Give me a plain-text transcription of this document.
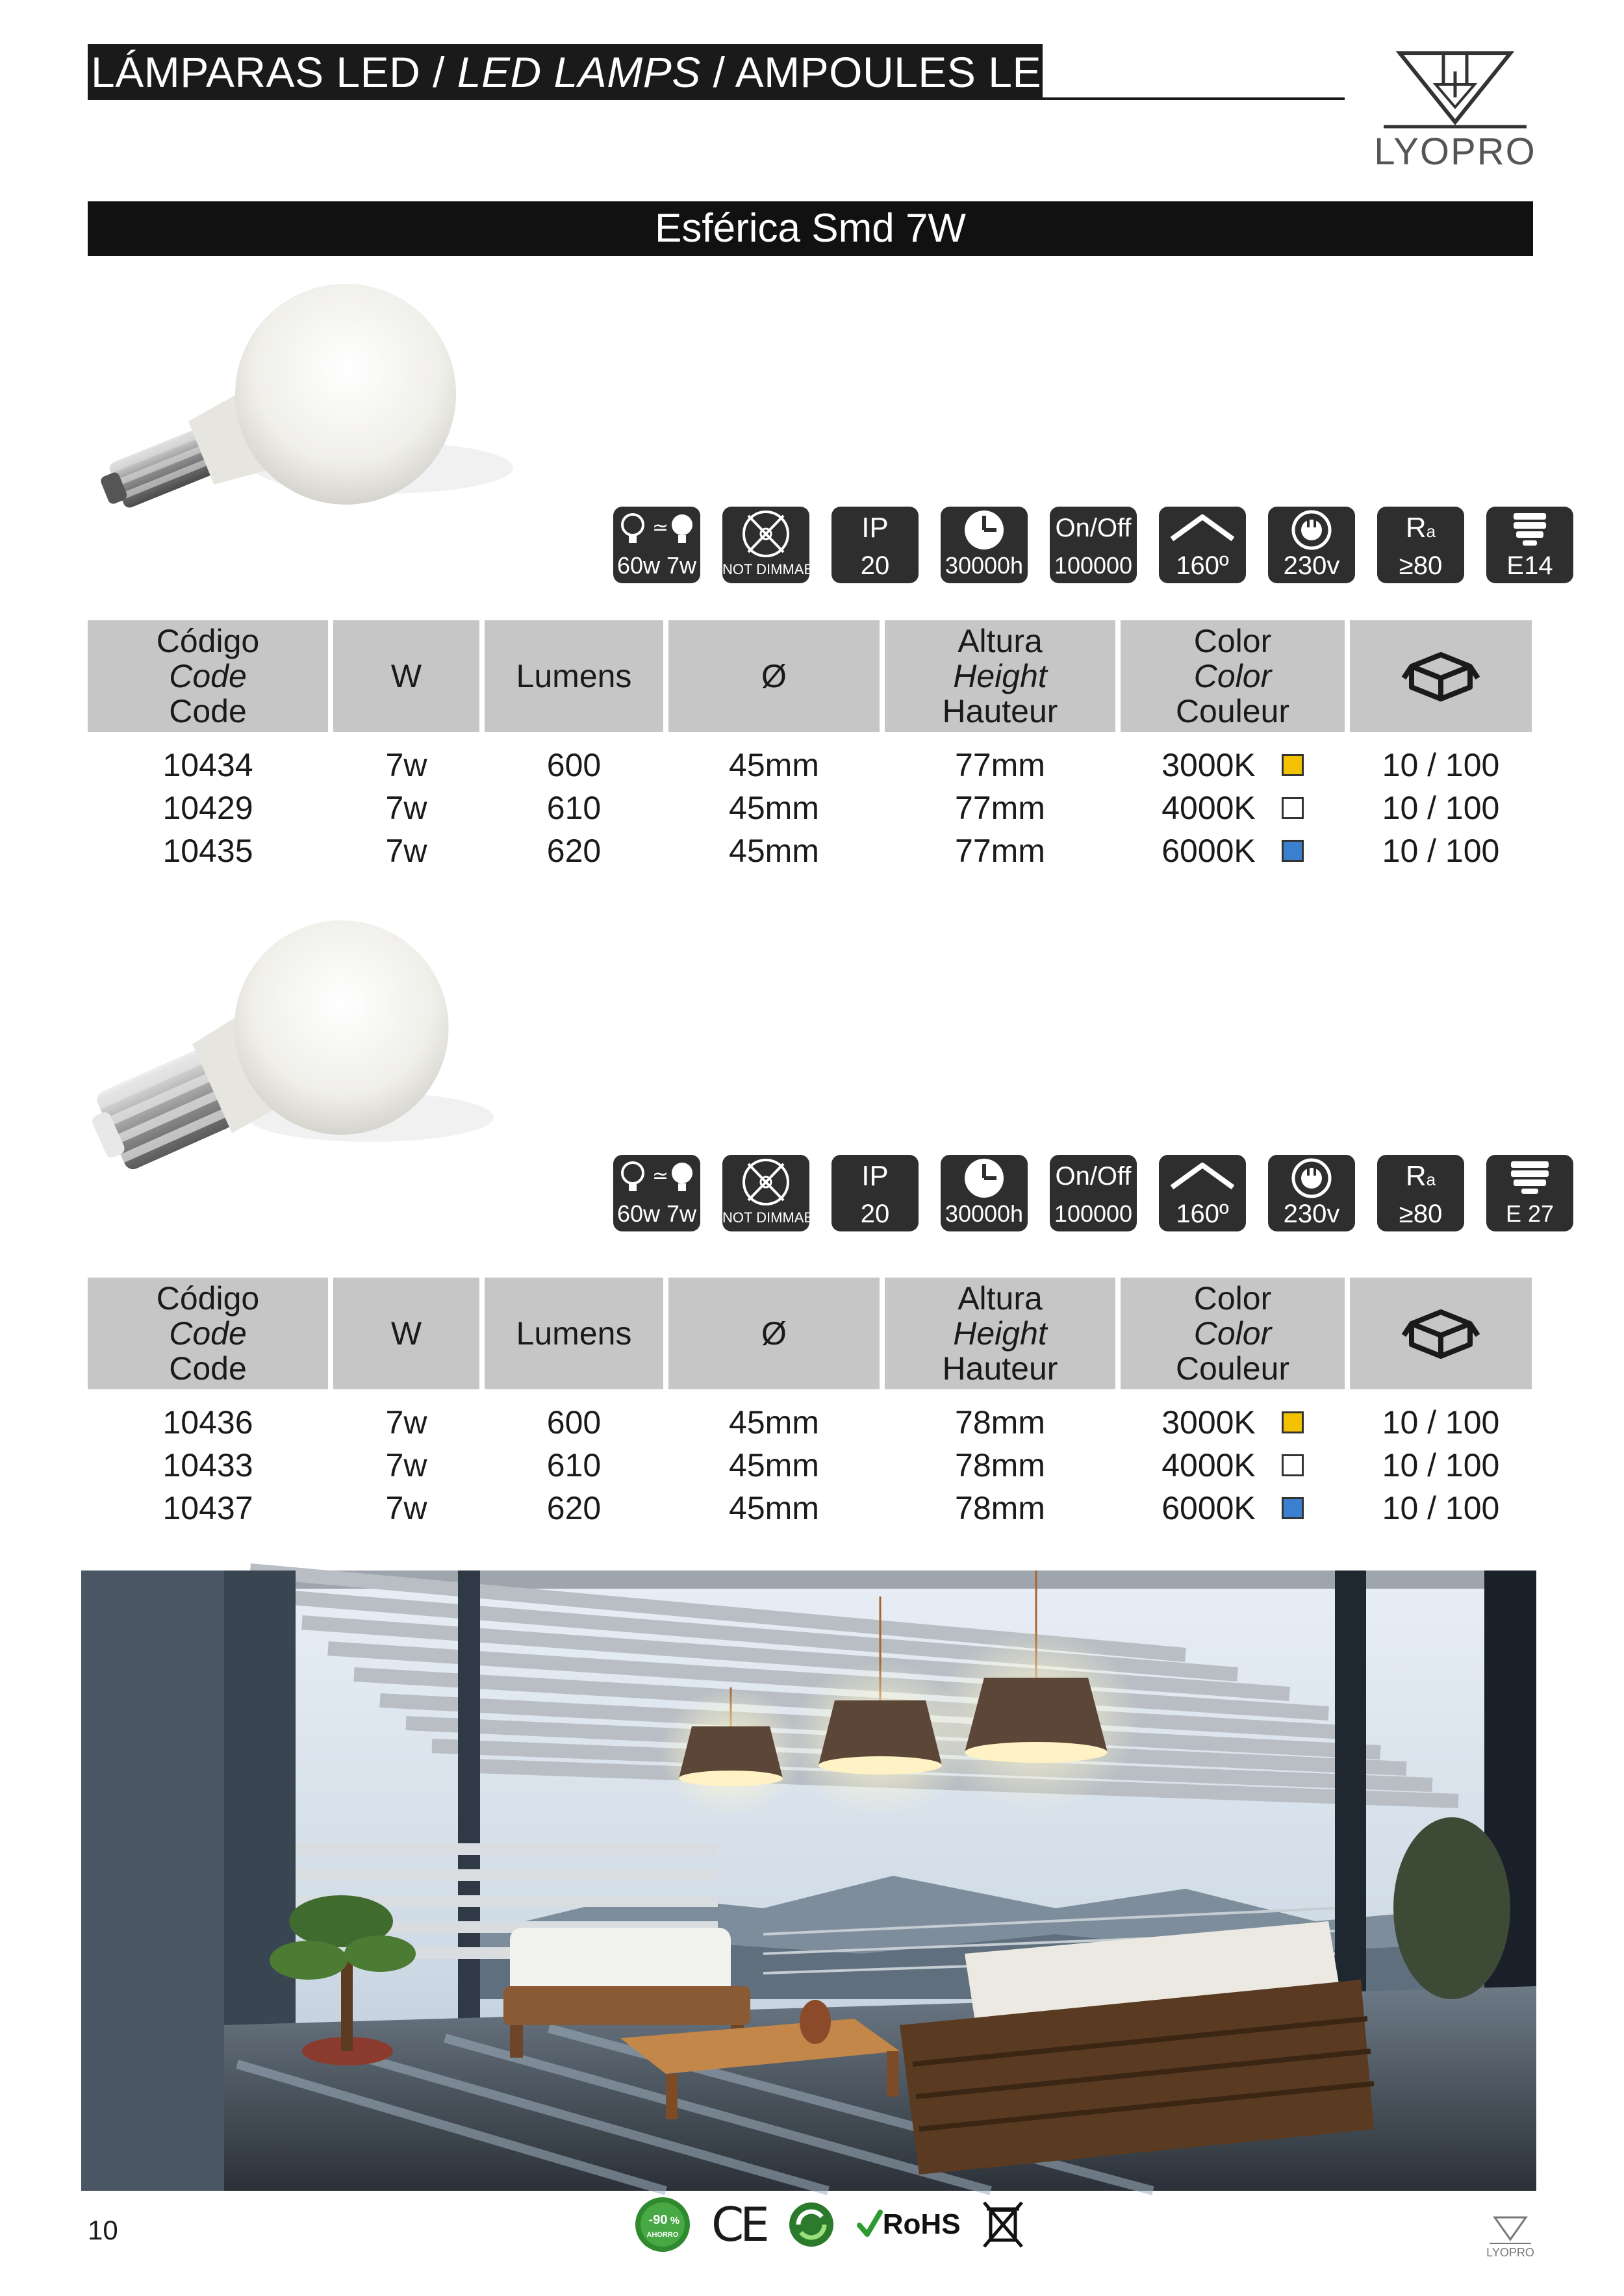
LÁMPARAS LED / LED LAMPS / AMPOULES LED
LYOPRO
Esférica Smd 7W
≃
60w 7w NOT DIMMABLE
IP
20	30000h
On/Off
100000	160º	230v
Ra
≥80	E14
Código
Code
Code
W	Lumens	Ø
Altura
Height
Hauteur
Color
Color
Couleur
10434	7w	600	45mm	77mm	3000K	10 / 100
10429	7w	610	45mm	77mm	4000K	10 / 100
10435	7w	620	45mm	77mm	6000K	10 / 100
≃
60w 7w NOT DIMMABLE
IP
20	30000h
On/Off
100000	160º	230v
Ra
≥80	E 27
Código
Code
Code
W	Lumens	Ø
Altura
Height
Hauteur
Color
Color
Couleur
10436	7w	600	45mm	78mm	3000K	10 / 100
10433	7w	610	45mm	78mm	4000K	10 / 100
10437	7w	620	45mm	78mm	6000K	10 / 100
10	-90 %
AHORRO CE	RoHS
LYOPRO
